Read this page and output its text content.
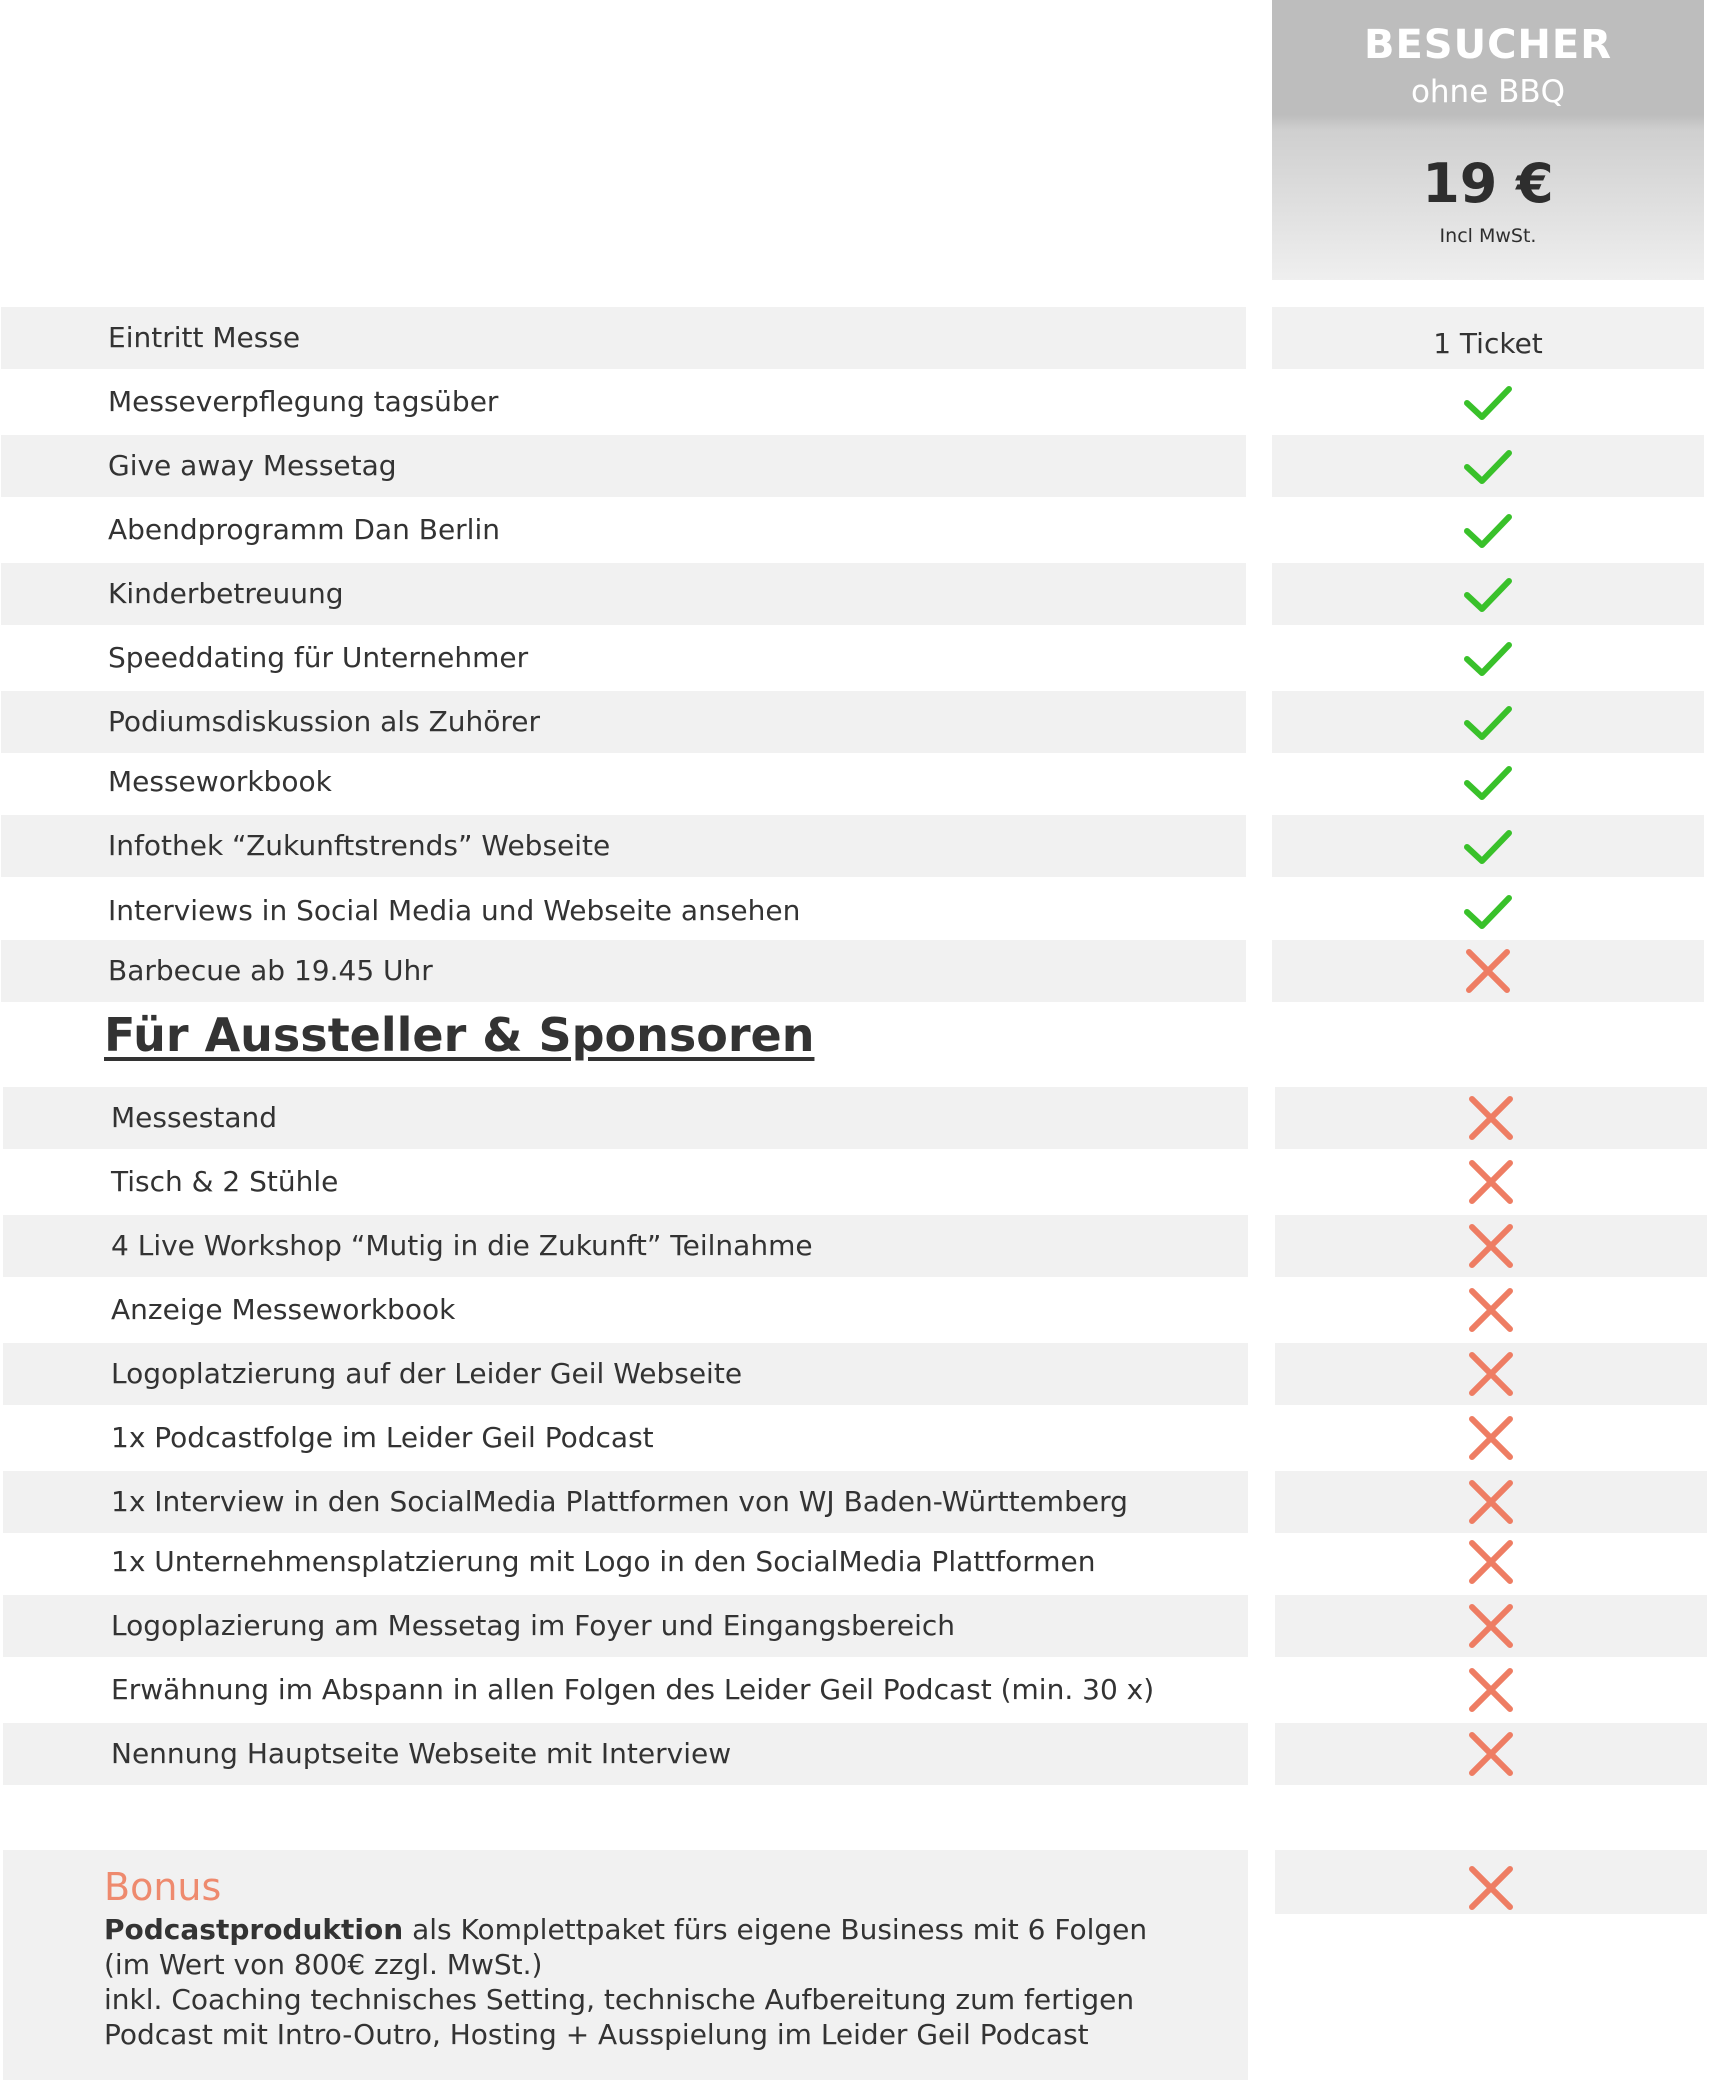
BESUCHER
ohne BBQ
19 €
Incl MwSt.
Eintritt Messe	1 Ticket
Messeverpflegung tagsüber
Give away Messetag
Abendprogramm Dan Berlin
Kinderbetreuung
Speeddating für Unternehmer
Podiumsdiskussion als Zuhörer
Messeworkbook
Infothek “Zukunftstrends” Webseite
Interviews in Social Media und Webseite ansehen
Barbecue ab 19.45 Uhr
Für Aussteller & Sponsoren
Messestand
Tisch & 2 Stühle
4 Live Workshop “Mutig in die Zukunft” Teilnahme
Anzeige Messeworkbook
Logoplatzierung auf der Leider Geil Webseite
1x Podcastfolge im Leider Geil Podcast
1x Interview in den SocialMedia Plattformen von WJ Baden-Württemberg
1x Unternehmensplatzierung mit Logo in den SocialMedia Plattformen
Logoplazierung am Messetag im Foyer und Eingangsbereich
Erwähnung im Abspann in allen Folgen des Leider Geil Podcast (min. 30 x)
Nennung Hauptseite Webseite mit Interview
Bonus
Podcastproduktion als Komplettpaket fürs eigene Business mit 6 Folgen
(im Wert von 800€ zzgl. MwSt.)
inkl. Coaching technisches Setting, technische Aufbereitung zum fertigen
Podcast mit Intro-Outro, Hosting + Ausspielung im Leider Geil Podcast
